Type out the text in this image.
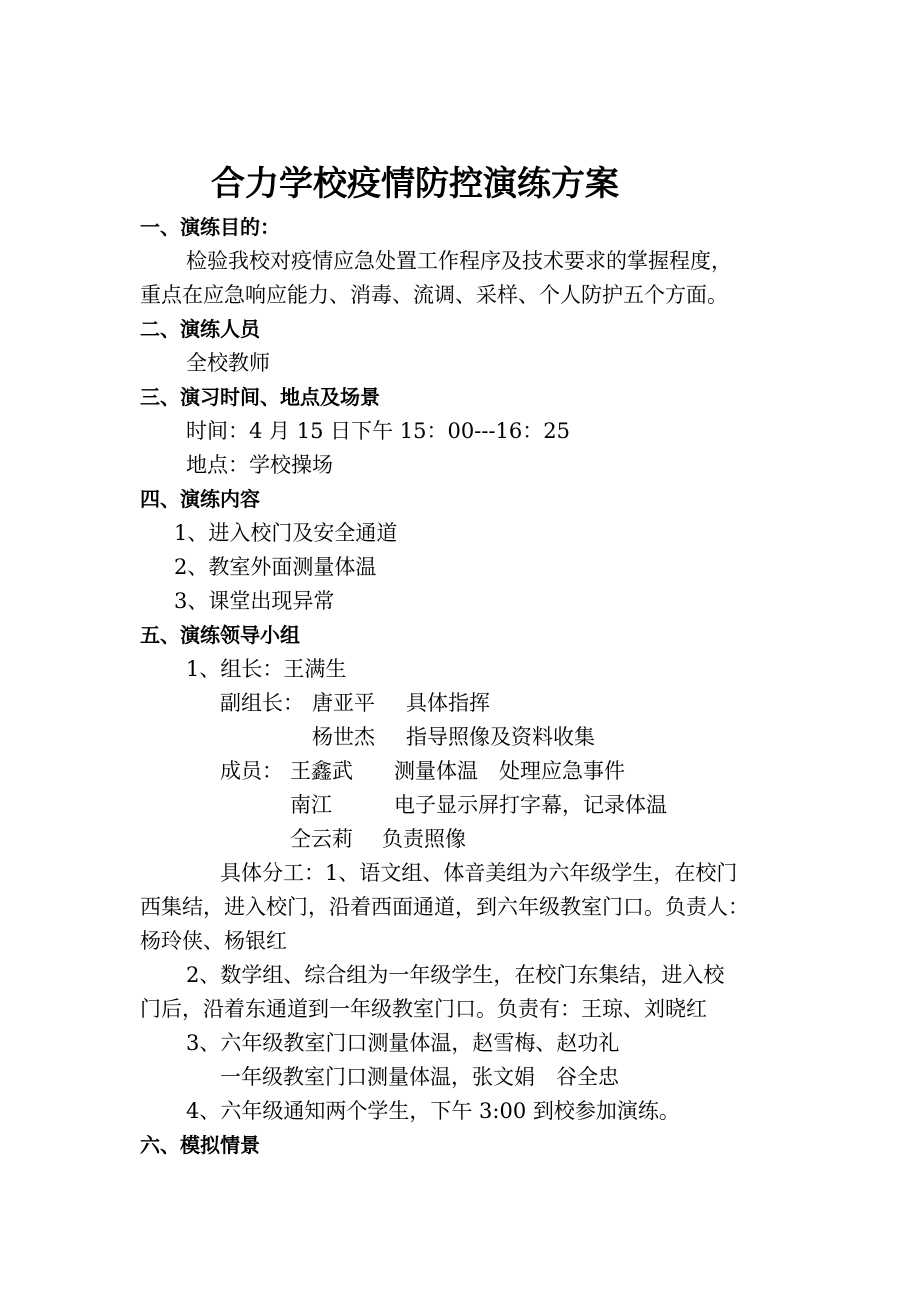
合力学校疫情防控演练方案
一、演练目的：
检验我校对疫情应急处置工作程序及技术要求的掌握程度，
重点在应急响应能力、消毒、流调、采样、个人防护五个方面。
二、演练人员
全校教师
三、演习时间、地点及场景
时间：4 月 15 日下午 15：00---16：25
地点：学校操场
四、演练内容
1、进入校门及安全通道
2、教室外面测量体温
3、课堂出现异常
五、演练领导小组
1、组长：王满生
副组长： 唐亚平 具体指挥
杨世杰 指导照像及资料收集
成员： 王鑫武 测量体温　处理应急事件
南江	电子显示屏打字幕，记录体温
仝云莉 负责照像
具体分工：1、语文组、体音美组为六年级学生，在校门
西集结，进入校门，沿着西面通道，到六年级教室门口。负责人：
杨玲侠、杨银红
2、数学组、综合组为一年级学生，在校门东集结，进入校
门后，沿着东通道到一年级教室门口。负责有：王琼、刘晓红
3、六年级教室门口测量体温，赵雪梅、赵功礼
一年级教室门口测量体温，张文娟　谷全忠
4、六年级通知两个学生，下午 3:00 到校参加演练。
六、模拟情景
